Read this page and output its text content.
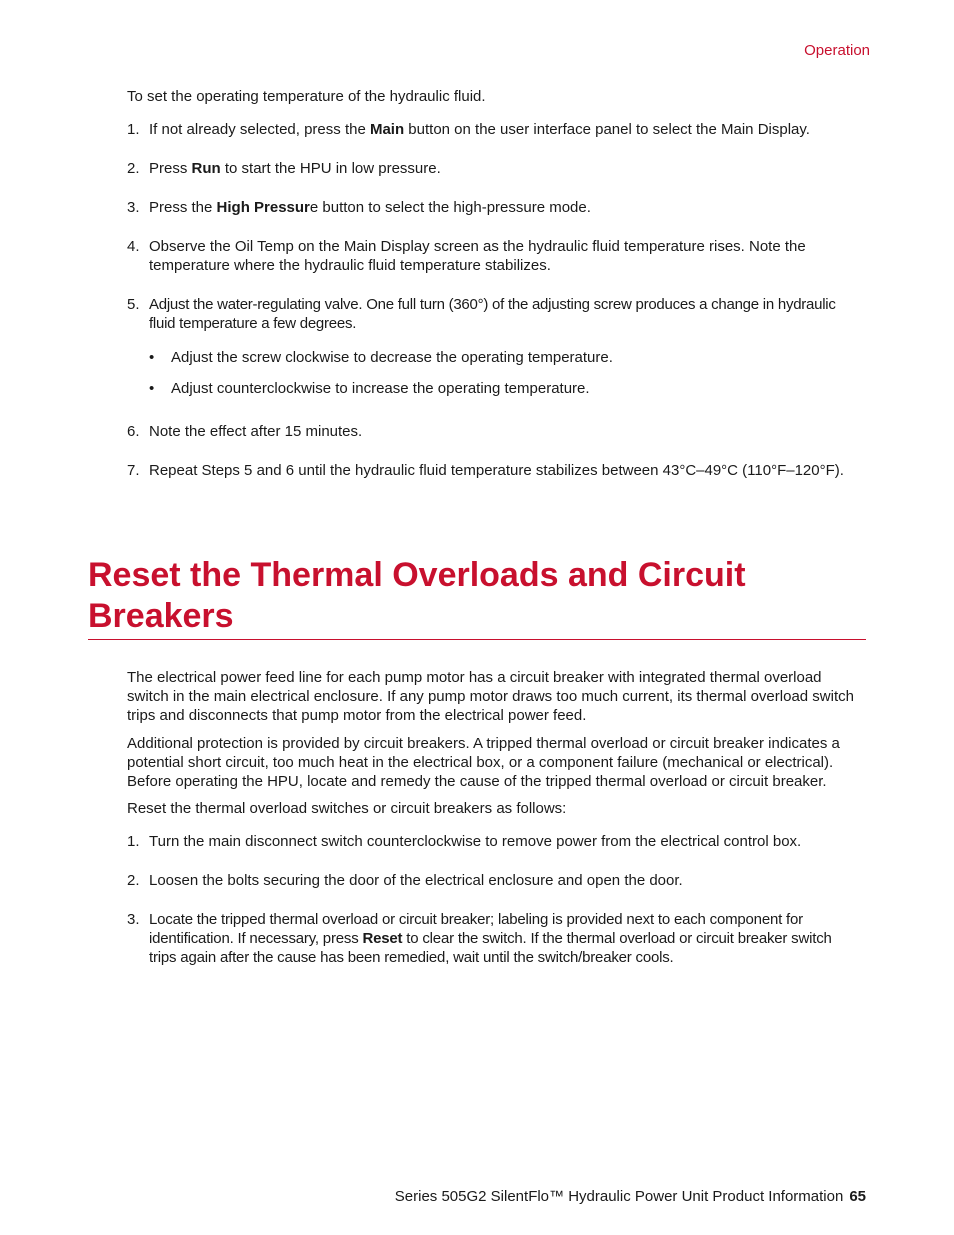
Operation
To set the operating temperature of the hydraulic fluid.
1. If not already selected, press the Main button on the user interface panel to select the Main Display.
2. Press Run to start the HPU in low pressure.
3. Press the High Pressure button to select the high-pressure mode.
4. Observe the Oil Temp on the Main Display screen as the hydraulic fluid temperature rises. Note the
temperature where the hydraulic fluid temperature stabilizes.
5. Adjust the water-regulating valve. One full turn (360°) of the adjusting screw produces a change in hydraulic
fluid temperature a few degrees.
• Adjust the screw clockwise to decrease the operating temperature.
• Adjust counterclockwise to increase the operating temperature.
6. Note the effect after 15 minutes.
7. Repeat Steps 5 and 6 until the hydraulic fluid temperature stabilizes between 43°C–49°C (110°F–120°F).
Reset the Thermal Overloads and Circuit
Breakers
The electrical power feed line for each pump motor has a circuit breaker with integrated thermal overload
switch in the main electrical enclosure. If any pump motor draws too much current, its thermal overload switch
trips and disconnects that pump motor from the electrical power feed.
Additional protection is provided by circuit breakers. A tripped thermal overload or circuit breaker indicates a
potential short circuit, too much heat in the electrical box, or a component failure (mechanical or electrical).
Before operating the HPU, locate and remedy the cause of the tripped thermal overload or circuit breaker.
Reset the thermal overload switches or circuit breakers as follows:
1. Turn the main disconnect switch counterclockwise to remove power from the electrical control box.
2. Loosen the bolts securing the door of the electrical enclosure and open the door.
3. Locate the tripped thermal overload or circuit breaker; labeling is provided next to each component for
identification. If necessary, press Reset to clear the switch. If the thermal overload or circuit breaker switch
trips again after the cause has been remedied, wait until the switch/breaker cools.
Series 505G2 SilentFlo™ Hydraulic Power Unit Product Information 65
